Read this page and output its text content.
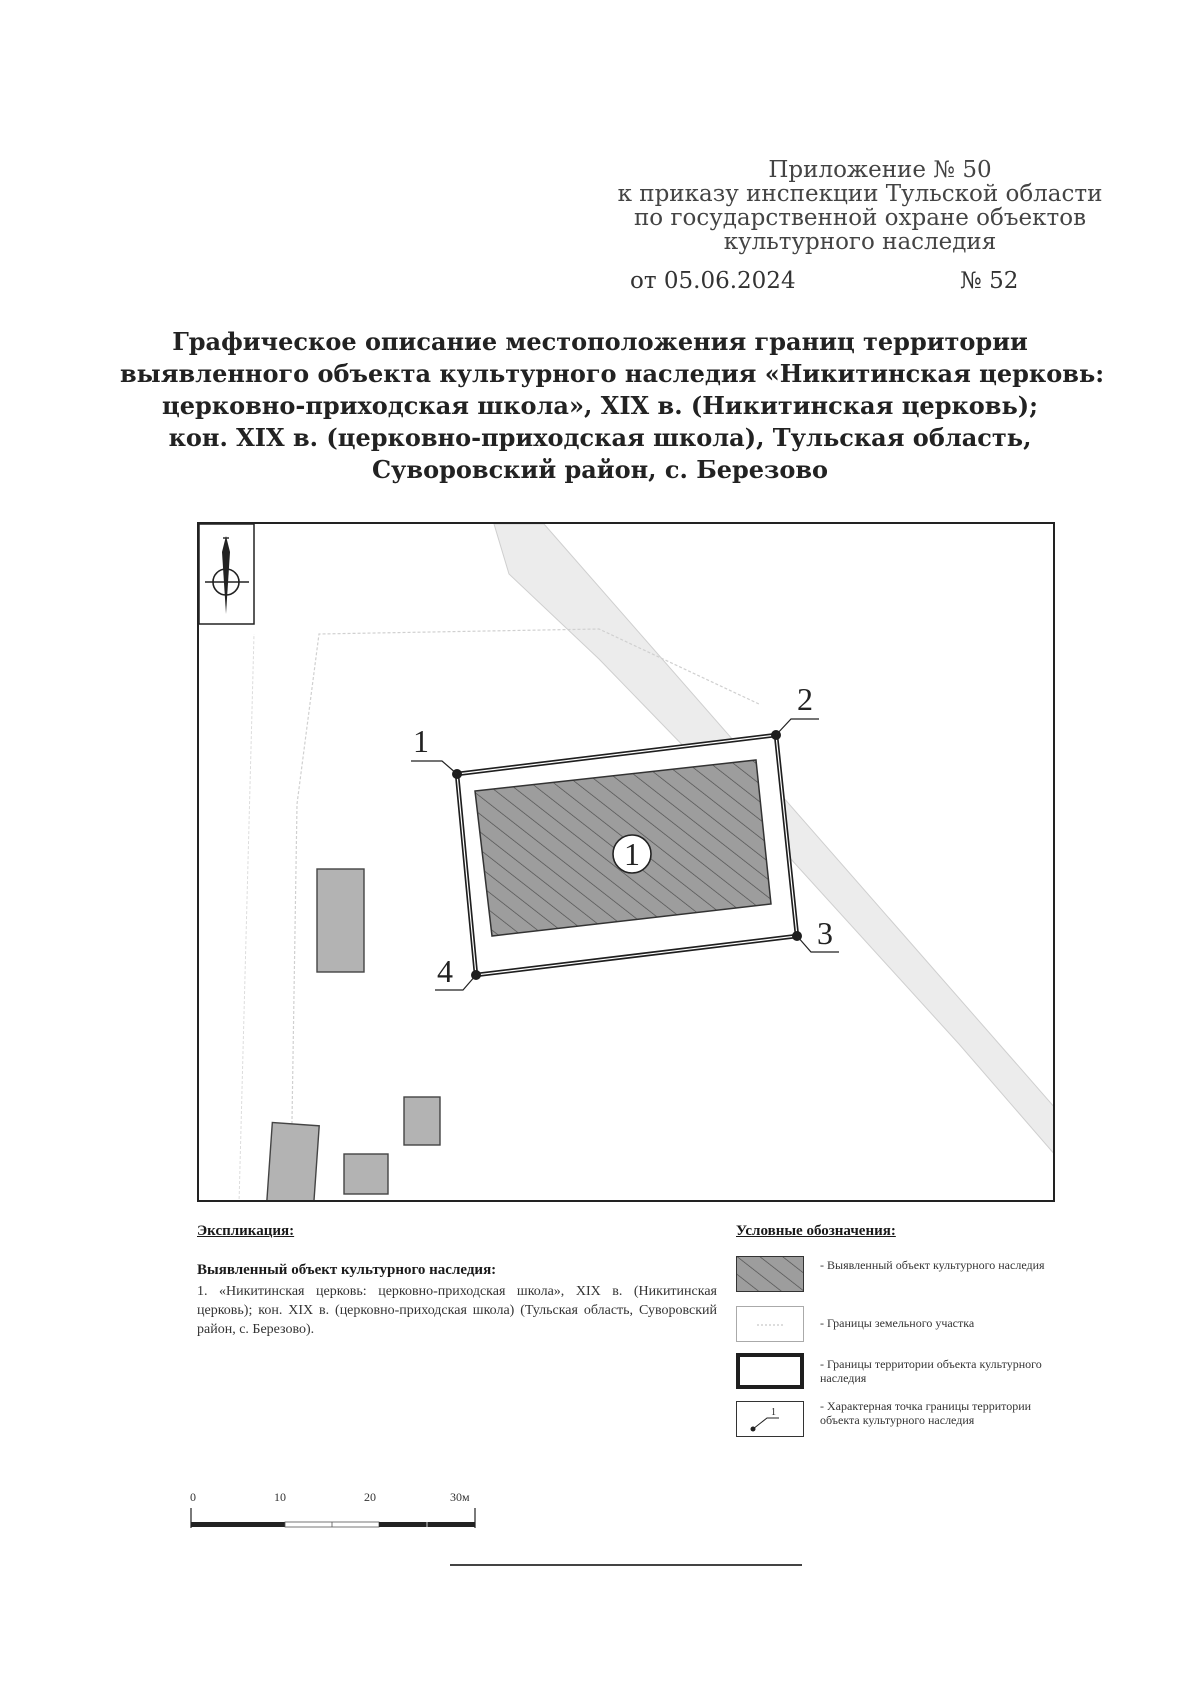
Приложение № 50
к приказу инспекции Тульской области
по государственной охране объектов
культурного наследия
от 05.06.2024	№ 52
Графическое описание местоположения границ территории
выявленного объекта культурного наследия «Никитинская церковь:
церковно-приходская школа», XIX в. (Никитинская церковь);
кон. XIX в. (церковно-приходская школа), Тульская область,
Суворовский район, с. Березово
1
1
2
3
4
Экспликация:
Выявленный объект культурного наследия:
1. «Никитинская церковь: церковно-приходская школа», XIX в. (Никитинская церковь); кон. XIX в. (церковно-приходская школа) (Тульская область, Суворовский район, с. Березово).
Условные обозначения:
- Выявленный объект культурного наследия
- Границы земельного участка
- Границы территории объекта культурного наследия
1	- Характерная точка границы территории объекта культурного наследия
0	10	20	30м
